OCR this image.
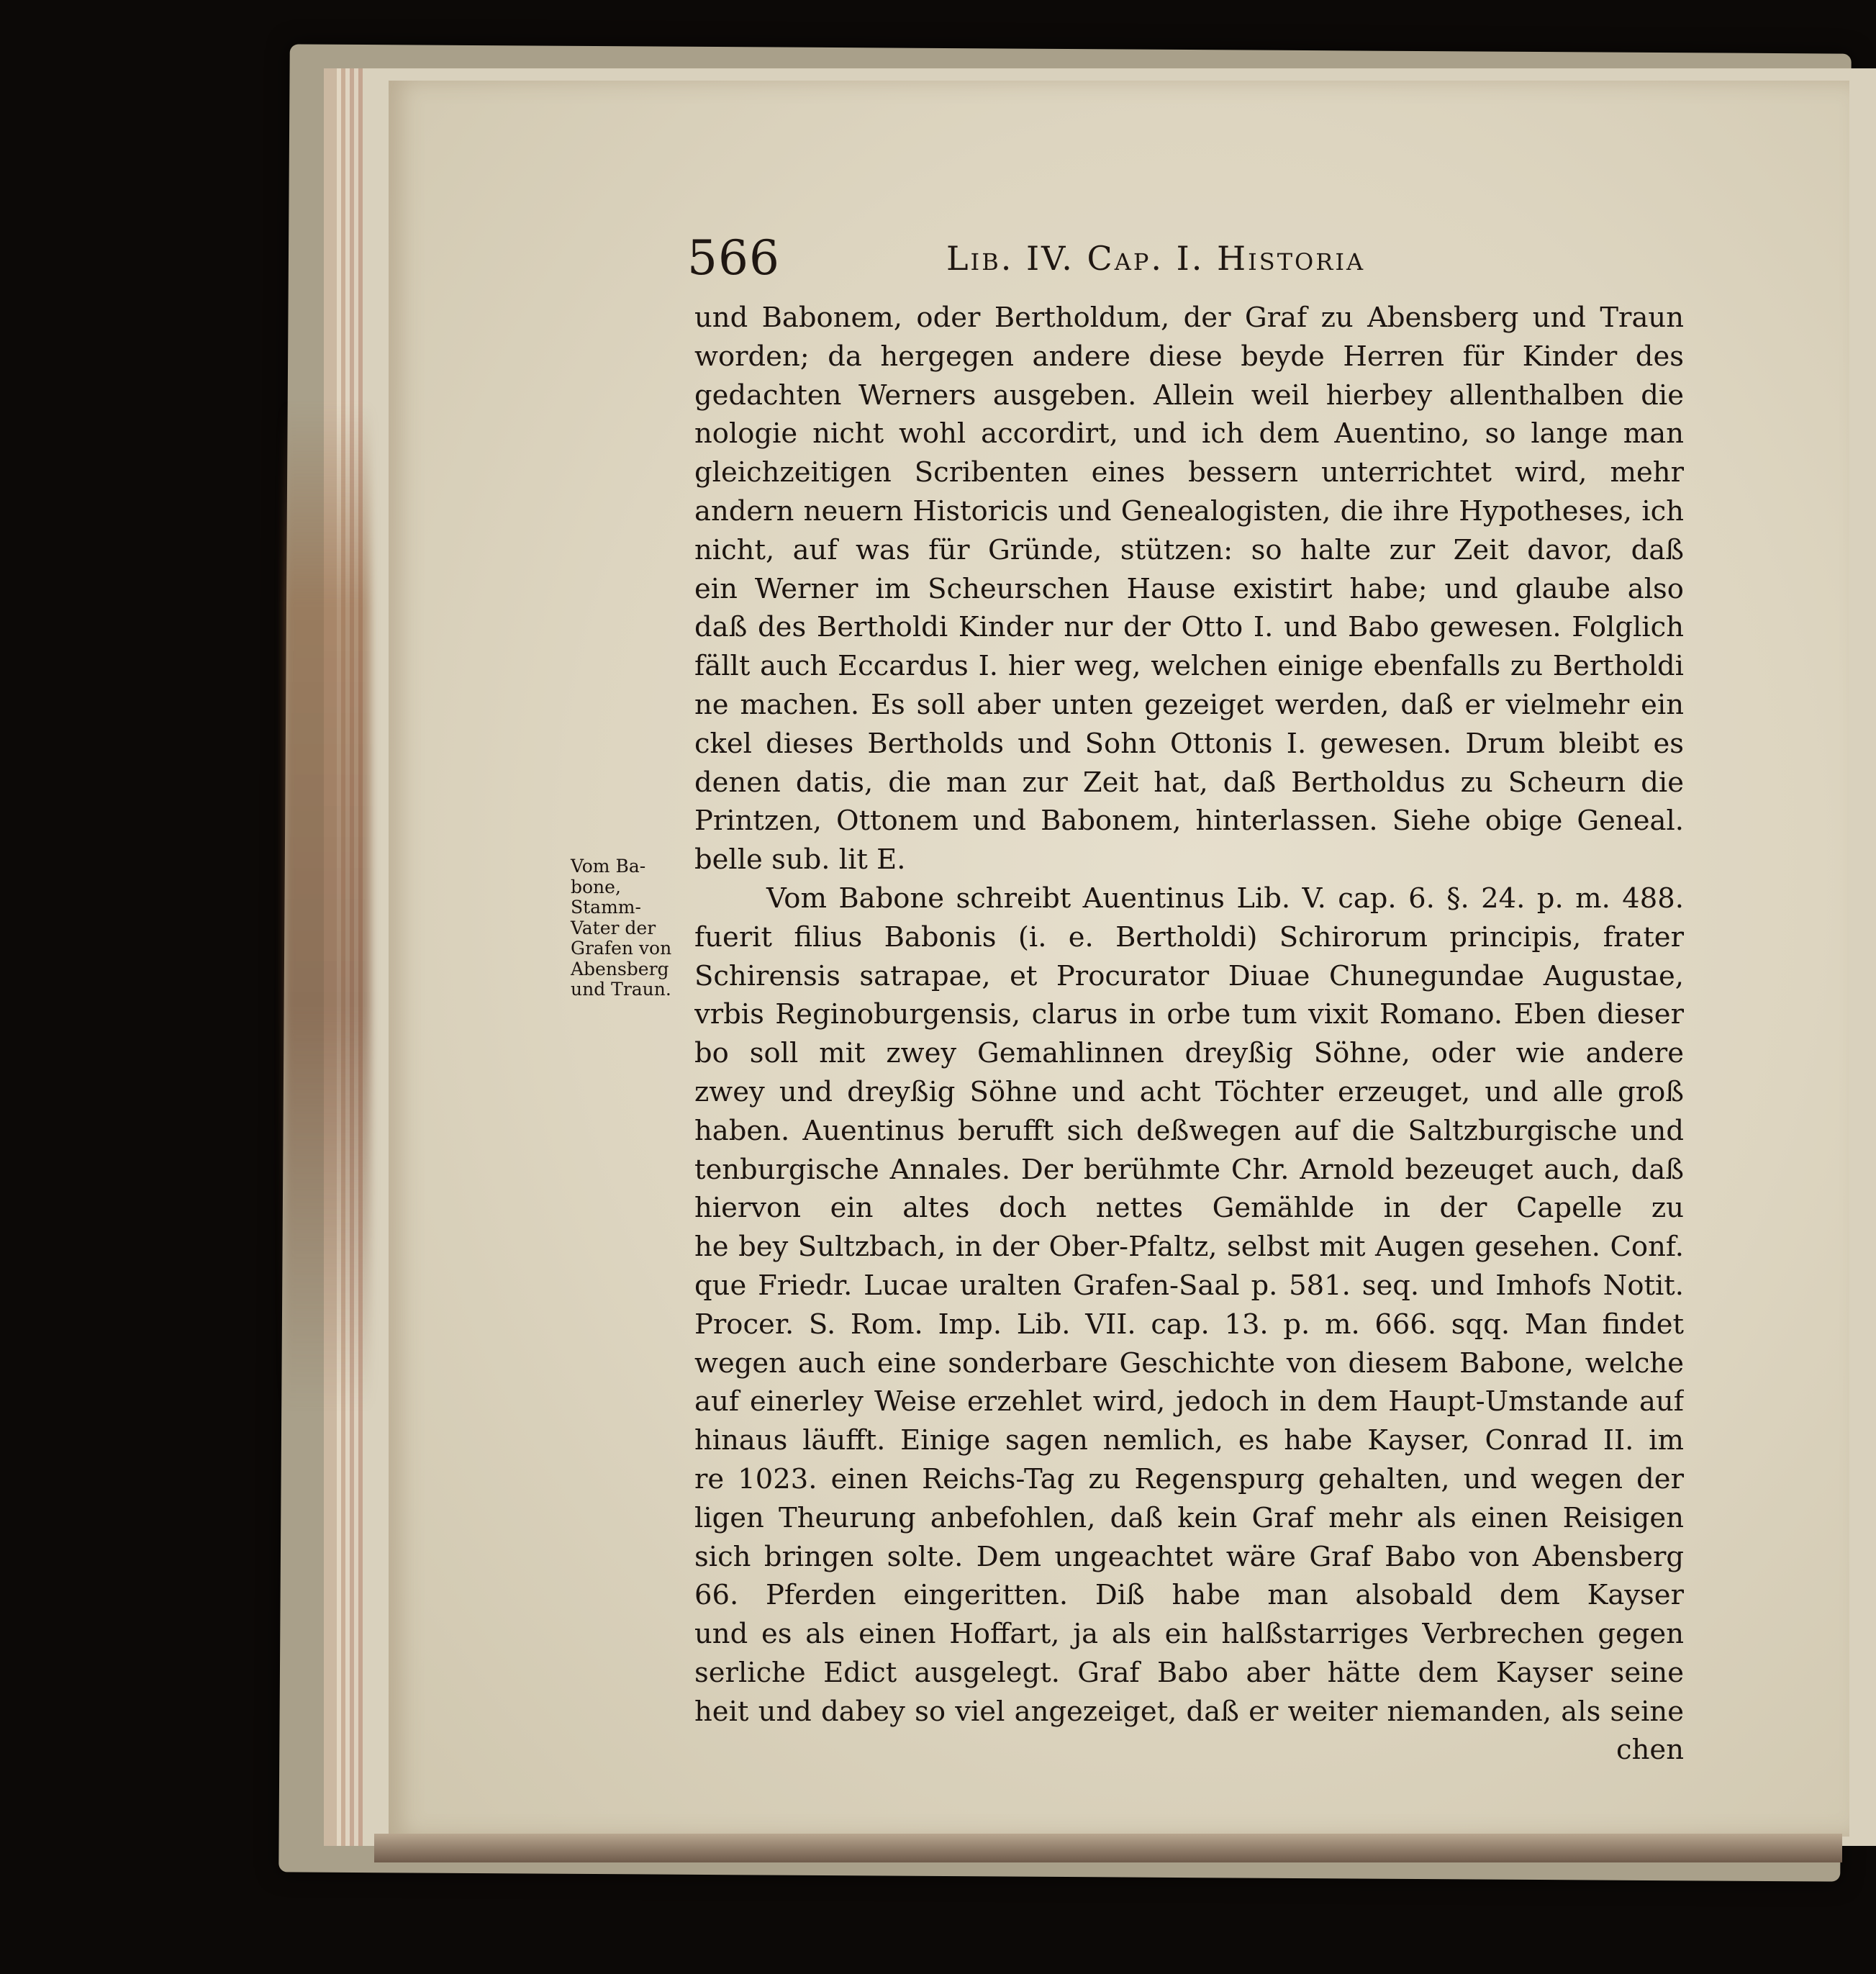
566	Lib. IV. Cap. I. Historia
Vom Ba-
bone,
Stamm-
Vater der
Grafen von
Abensberg
und Traun.
und Babonem, oder Bertholdum, der Graf zu Abensberg und Traun
worden; da hergegen andere diese beyde Herren für Kinder des
gedachten Werners ausgeben. Allein weil hierbey allenthalben die
nologie nicht wohl accordirt, und ich dem Auentino, so lange man
gleichzeitigen Scribenten eines bessern unterrichtet wird, mehr
andern neuern Historicis und Genealogisten, die ihre Hypotheses, ich
nicht, auf was für Gründe, stützen: so halte zur Zeit davor, daß
ein Werner im Scheurschen Hause existirt habe; und glaube also
daß des Bertholdi Kinder nur der Otto I. und Babo gewesen. Folglich
fällt auch Eccardus I. hier weg, welchen einige ebenfalls zu Bertholdi
ne machen. Es soll aber unten gezeiget werden, daß er vielmehr ein
ckel dieses Bertholds und Sohn Ottonis I. gewesen. Drum bleibt es
denen datis, die man zur Zeit hat, daß Bertholdus zu Scheurn die
Printzen, Ottonem und Babonem, hinterlassen. Siehe obige Geneal.
belle sub. lit E.
Vom Babone schreibt Auentinus Lib. V. cap. 6. §. 24. p. m. 488.
fuerit filius Babonis (i. e. Bertholdi) Schirorum principis, frater
Schirensis satrapae, et Procurator Diuae Chunegundae Augustae,
vrbis Reginoburgensis, clarus in orbe tum vixit Romano. Eben dieser
bo soll mit zwey Gemahlinnen dreyßig Söhne, oder wie andere
zwey und dreyßig Söhne und acht Töchter erzeuget, und alle groß
haben. Auentinus berufft sich deßwegen auf die Saltzburgische und
tenburgische Annales. Der berühmte Chr. Arnold bezeuget auch, daß
hiervon ein altes doch nettes Gemählde in der Capelle zu
he bey Sultzbach, in der Ober-Pfaltz, selbst mit Augen gesehen. Conf.
que Friedr. Lucae uralten Grafen-Saal p. 581. seq. und Imhofs Notit.
Procer. S. Rom. Imp. Lib. VII. cap. 13. p. m. 666. sqq. Man findet
wegen auch eine sonderbare Geschichte von diesem Babone, welche
auf einerley Weise erzehlet wird, jedoch in dem Haupt-Umstande auf
hinaus läufft. Einige sagen nemlich, es habe Kayser, Conrad II. im
re 1023. einen Reichs-Tag zu Regenspurg gehalten, und wegen der
ligen Theurung anbefohlen, daß kein Graf mehr als einen Reisigen
sich bringen solte. Dem ungeachtet wäre Graf Babo von Abensberg
66. Pferden eingeritten. Diß habe man alsobald dem Kayser
und es als einen Hoffart, ja als ein halßstarriges Verbrechen gegen
serliche Edict ausgelegt. Graf Babo aber hätte dem Kayser seine
heit und dabey so viel angezeiget, daß er weiter niemanden, als seine
chen
